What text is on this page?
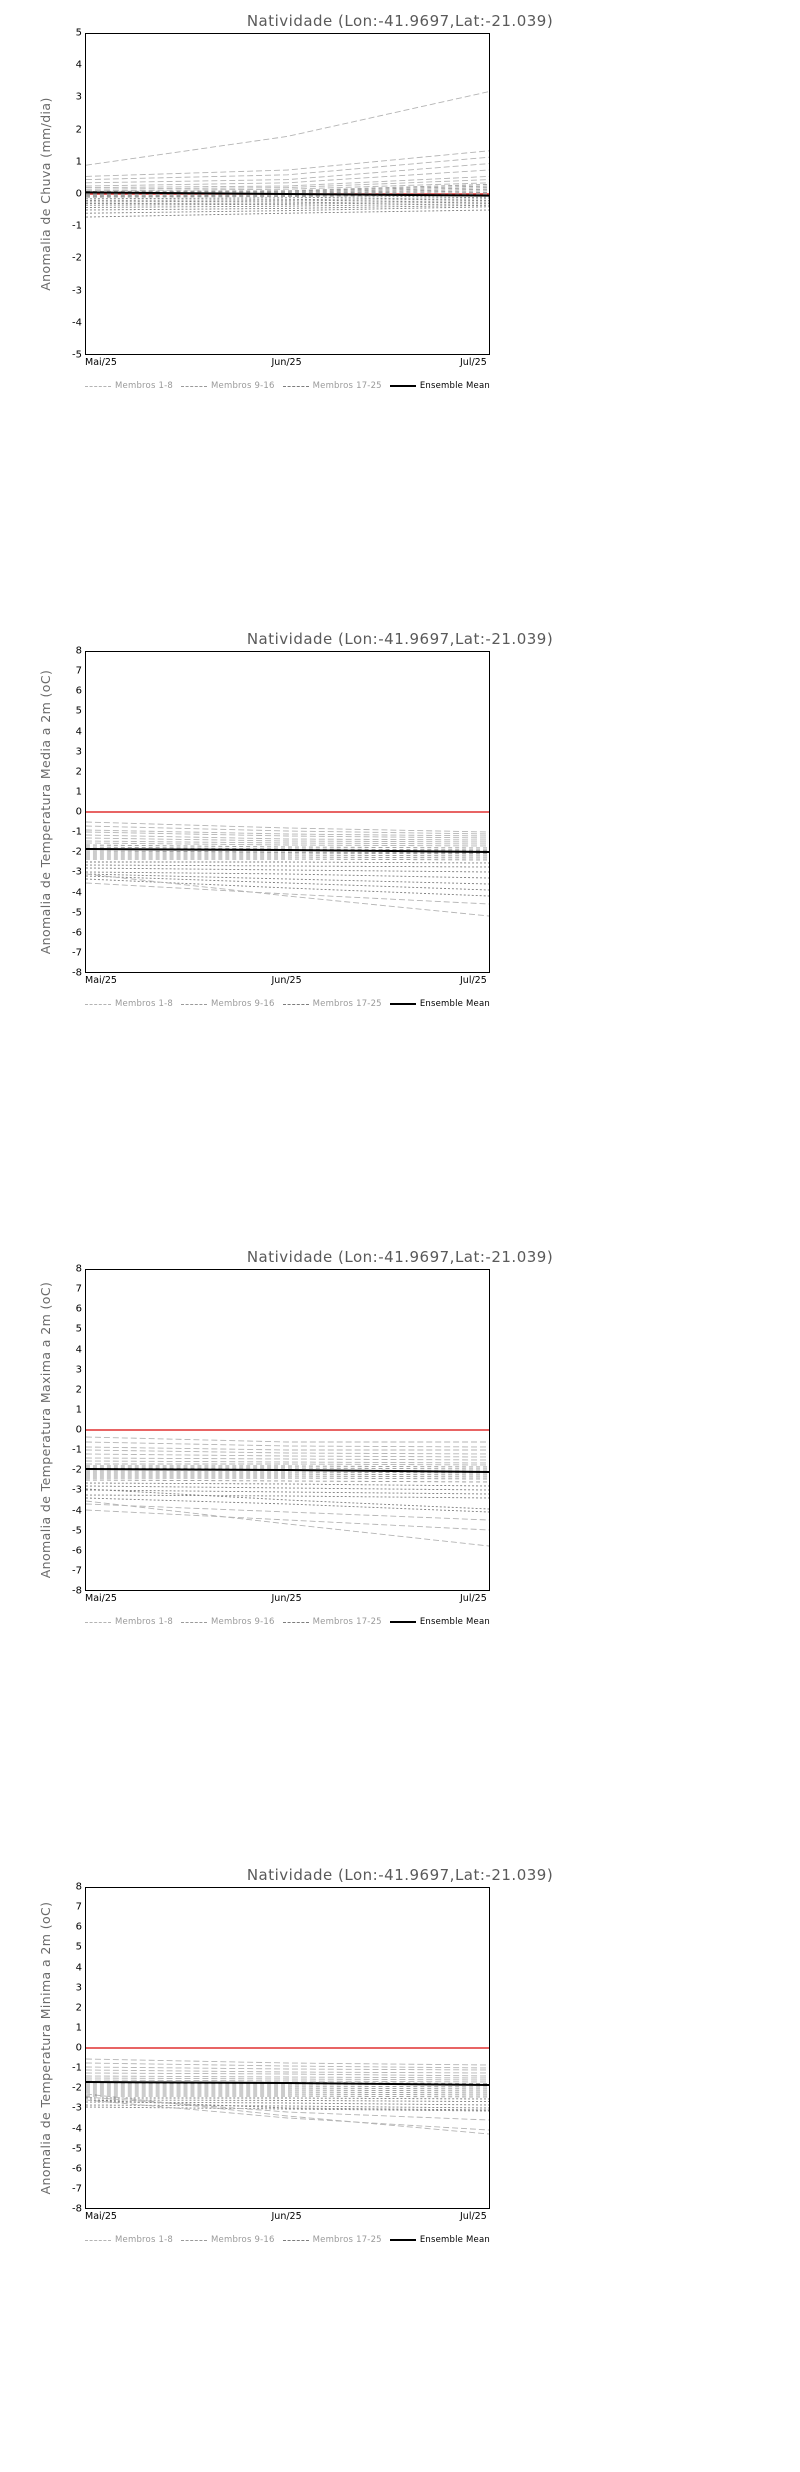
Natividade (Lon:-41.9697,Lat:-21.039)
Anomalia de Chuva (mm/dia)
-5
-4
-3
-2
-1
0
1
2
3
4
5
Mai/25	Jun/25	Jul/25
Membros 1-8	Membros 9-16	Membros 17-25	Ensemble Mean
Natividade (Lon:-41.9697,Lat:-21.039)
Anomalia de Temperatura Media a 2m (oC)
-8
-7
-6
-5
-4
-3
-2
-1
0
1
2
3
4
5
6
7
8
Mai/25	Jun/25	Jul/25
Membros 1-8	Membros 9-16	Membros 17-25	Ensemble Mean
Natividade (Lon:-41.9697,Lat:-21.039)
Anomalia de Temperatura Maxima a 2m (oC)
-8
-7
-6
-5
-4
-3
-2
-1
0
1
2
3
4
5
6
7
8
Mai/25	Jun/25	Jul/25
Membros 1-8	Membros 9-16	Membros 17-25	Ensemble Mean
Natividade (Lon:-41.9697,Lat:-21.039)
Anomalia de Temperatura Minima a 2m (oC)
-8
-7
-6
-5
-4
-3
-2
-1
0
1
2
3
4
5
6
7
8
Mai/25	Jun/25	Jul/25
Membros 1-8	Membros 9-16	Membros 17-25	Ensemble Mean
